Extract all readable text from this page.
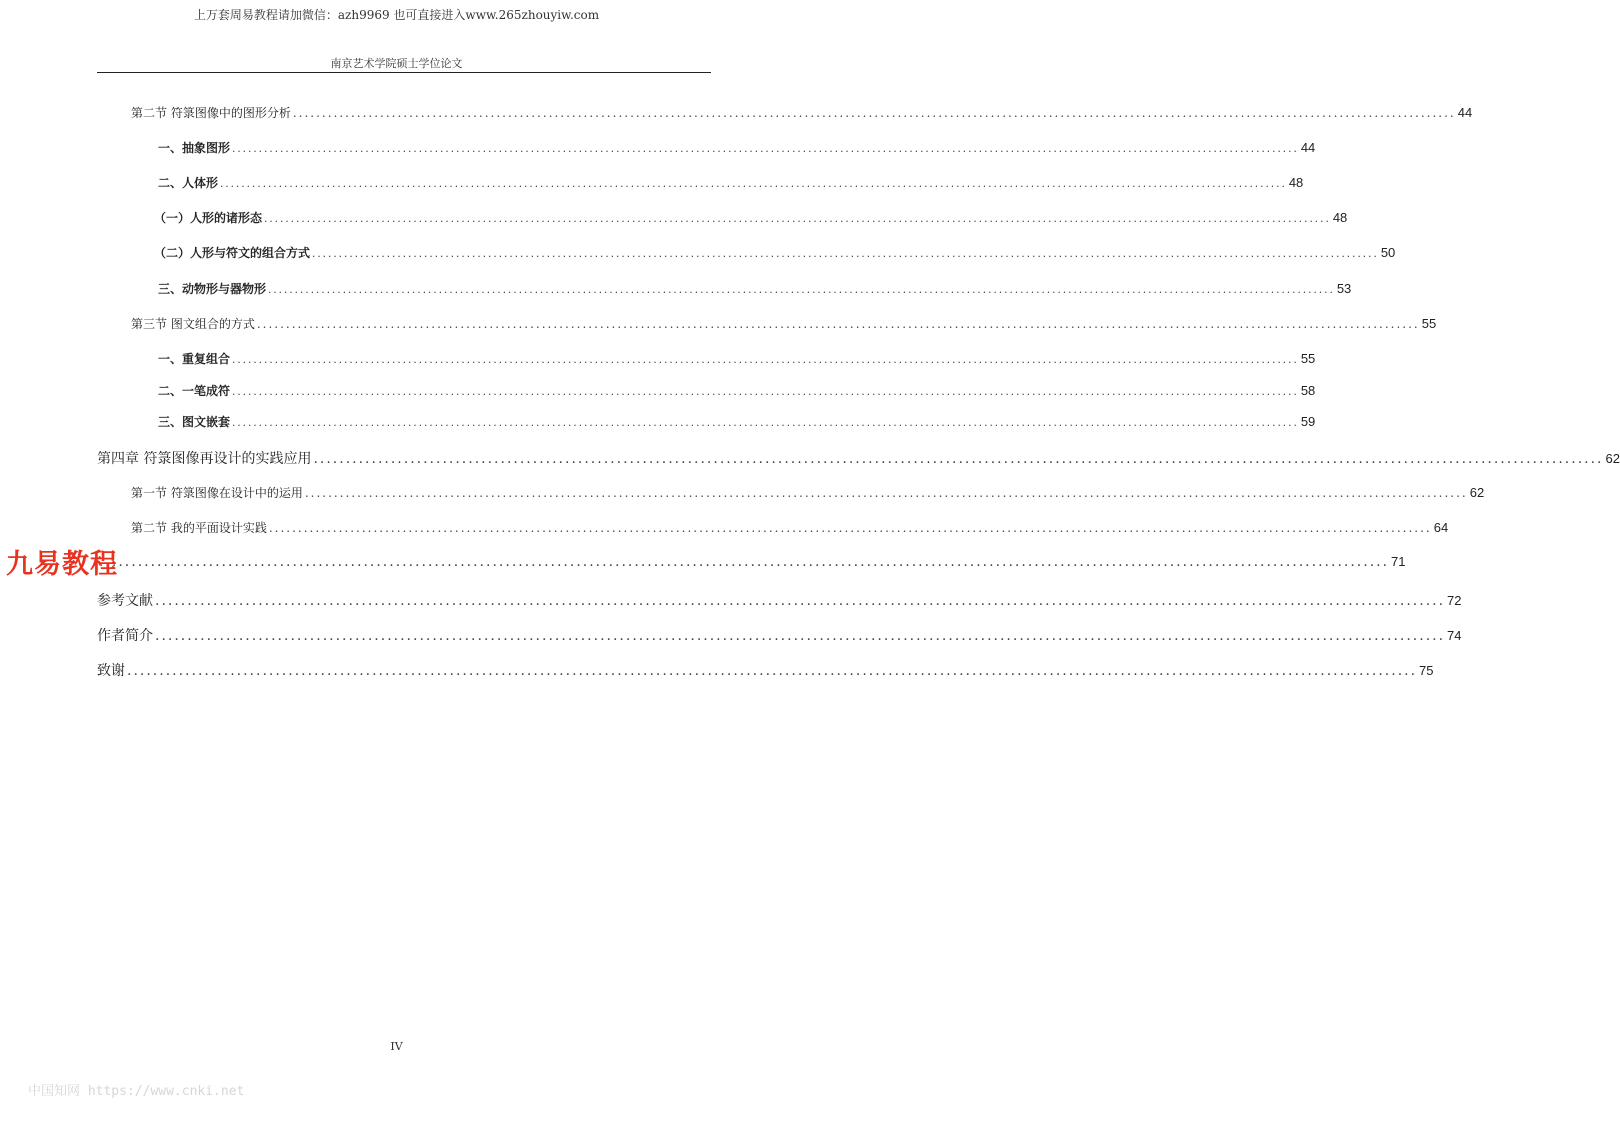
上万套周易教程请加微信：azh9969 也可直接进入www.265zhouyiw.com
南京艺术学院硕士学位论文
第二节 符箓图像中的图形分析 ........................................................................................................................................................................................................ 44
一、抽象图形 ........................................................................................................................................................................................................ 44
二、人体形 ........................................................................................................................................................................................................ 48
（一）人形的诸形态 ........................................................................................................................................................................................................ 48
（二）人形与符文的组合方式 ........................................................................................................................................................................................................ 50
三、动物形与器物形 ........................................................................................................................................................................................................ 53
第三节 图文组合的方式 ........................................................................................................................................................................................................ 55
一、重复组合 ........................................................................................................................................................................................................ 55
二、一笔成符 ........................................................................................................................................................................................................ 58
三、图文嵌套 ........................................................................................................................................................................................................ 59
第四章 符箓图像再设计的实践应用 ........................................................................................................................................................................................................ 62
第一节 符箓图像在设计中的运用 ........................................................................................................................................................................................................ 62
第二节 我的平面设计实践 ........................................................................................................................................................................................................ 64
........................................................................................................................................................................................................ 71
参考文献 ........................................................................................................................................................................................................ 72
作者简介 ........................................................................................................................................................................................................ 74
致谢 ........................................................................................................................................................................................................ 75
九易教程
IV
中国知网 https://www.cnki.net
